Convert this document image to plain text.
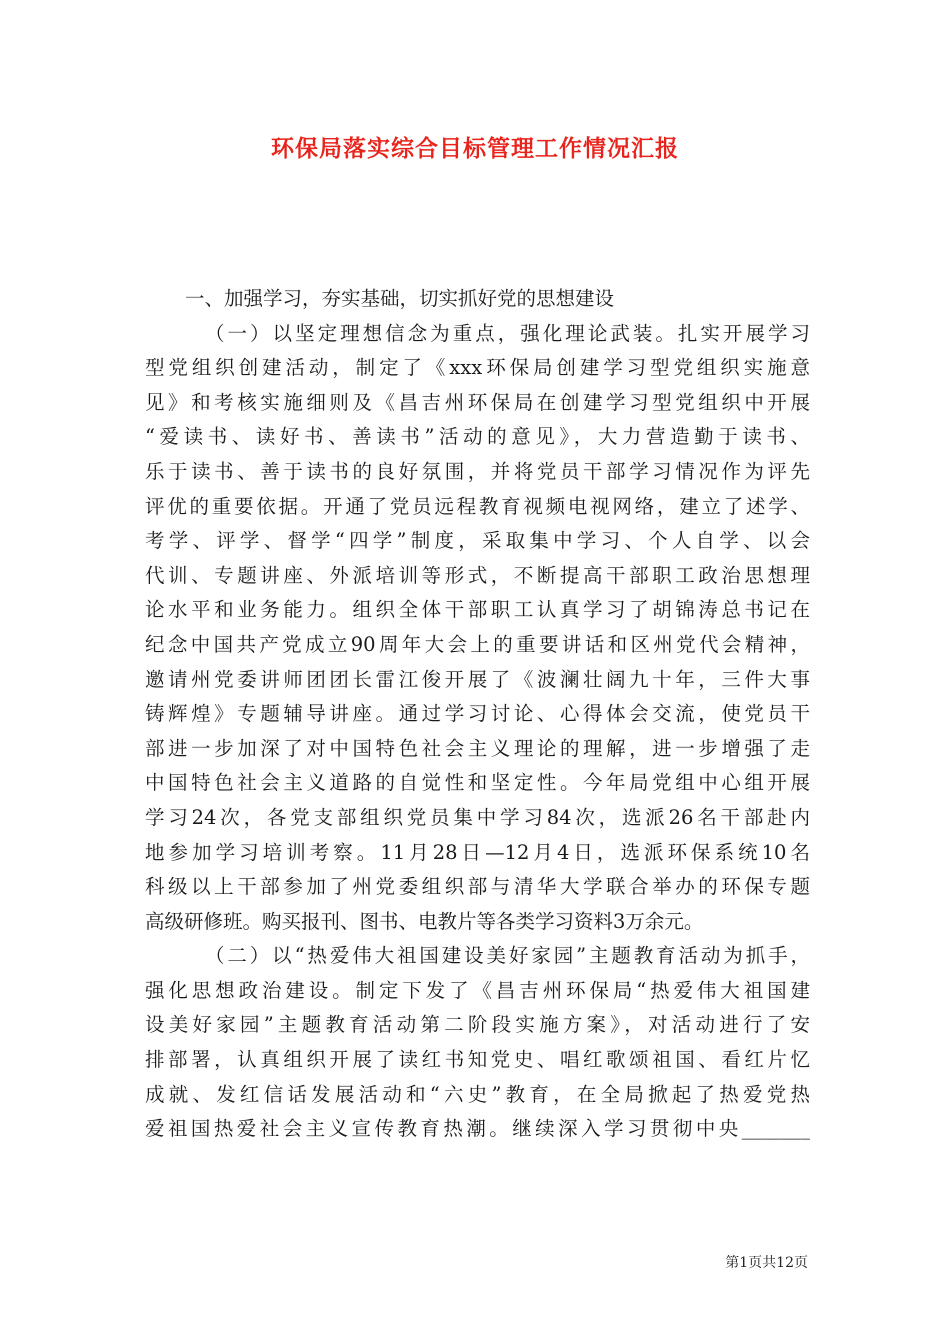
环保局落实综合目标管理工作情况汇报
一、加强学习，夯实基础，切实抓好党的思想建设
（一）以坚定理想信念为重点，强化理论武装。扎实开展学习
型党组织创建活动，制定了《xxx环保局创建学习型党组织实施意
见》和考核实施细则及《昌吉州环保局在创建学习型党组织中开展
“爱读书、读好书、善读书”活动的意见》，大力营造勤于读书、
乐于读书、善于读书的良好氛围，并将党员干部学习情况作为评先
评优的重要依据。开通了党员远程教育视频电视网络，建立了述学、
考学、评学、督学“四学”制度，采取集中学习、个人自学、以会
代训、专题讲座、外派培训等形式，不断提高干部职工政治思想理
论水平和业务能力。组织全体干部职工认真学习了胡锦涛总书记在
纪念中国共产党成立90周年大会上的重要讲话和区州党代会精神，
邀请州党委讲师团团长雷江俊开展了《波澜壮阔九十年，三件大事
铸辉煌》专题辅导讲座。通过学习讨论、心得体会交流，使党员干
部进一步加深了对中国特色社会主义理论的理解，进一步增强了走
中国特色社会主义道路的自觉性和坚定性。今年局党组中心组开展
学习24次，各党支部组织党员集中学习84次，选派26名干部赴内
地参加学习培训考察。11月28日—12月4日，选派环保系统10名
科级以上干部参加了州党委组织部与清华大学联合举办的环保专题
高级研修班。购买报刊、图书、电教片等各类学习资料3万余元。
（二）以“热爱伟大祖国建设美好家园”主题教育活动为抓手，
强化思想政治建设。制定下发了《昌吉州环保局“热爱伟大祖国建
设美好家园”主题教育活动第二阶段实施方案》，对活动进行了安
排部署，认真组织开展了读红书知党史、唱红歌颂祖国、看红片忆
成就、发红信话发展活动和“六史”教育，在全局掀起了热爱党热
爱祖国热爱社会主义宣传教育热潮。继续深入学习贯彻中央_______
第1页共12页
